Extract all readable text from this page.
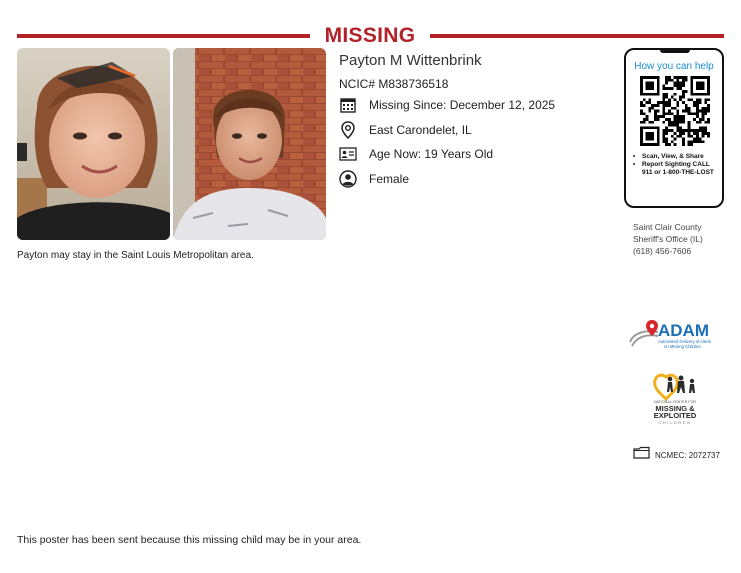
MISSING
Payton may stay in the Saint Louis Metropolitan area.
Payton M Wittenbrink
NCIC# M838736518
Missing Since: December 12, 2025
East Carondelet, IL
Age Now: 19 Years Old
Female
How you can help
•	Scan, View, & Share
•	Report Sighting CALL 911 or 1-800-THE-LOST
Saint Clair County
Sheriff's Office (IL)
(618) 456-7606
ADAM
Automated Delivery of Alerts
on Missing Children
NATIONAL CENTER FOR
MISSING &
EXPLOITED
CHILDREN
NCMEC: 2072737
This poster has been sent because this missing child may be in your area.
